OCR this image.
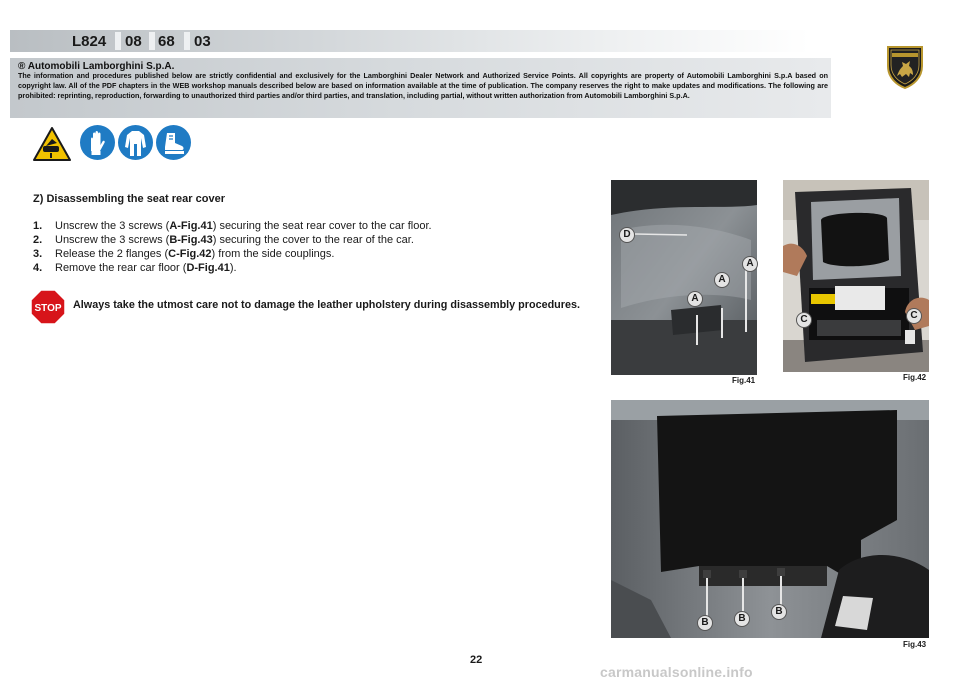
L824 08 68 03
® Automobili Lamborghini S.p.A.
The information and procedures published below are strictly confidential and exclusively for the Lamborghini Dealer Network and Authorized Service Points. All copyrights are property of Automobili Lamborghini S.p.A based on copyright law. All of the PDF chapters in the WEB workshop manuals described below are based on information available at the time of publication. The company reserves the right to make updates and modifications. The following are prohibited: reprinting, reproduction, forwarding to unauthorized third parties and/or third parties, and translation, including partial, without written authorization from Automobili Lamborghini S.p.A.
Z) Disassembling the seat rear cover
1. Unscrew the 3 screws (A-Fig.41) securing the seat rear cover to the car floor.
2. Unscrew the 3 screws (B-Fig.43) securing the cover to the rear of the car.
3. Release the 2 flanges (C-Fig.42) from the side couplings.
4. Remove the rear car floor (D-Fig.41).
STOP Always take the utmost care not to damage the leather upholstery during disassembly procedures.
D
A
A
A
Fig.41
C	C
Fig.42
B	B
B
Fig.43
22
carmanualsonline.info
